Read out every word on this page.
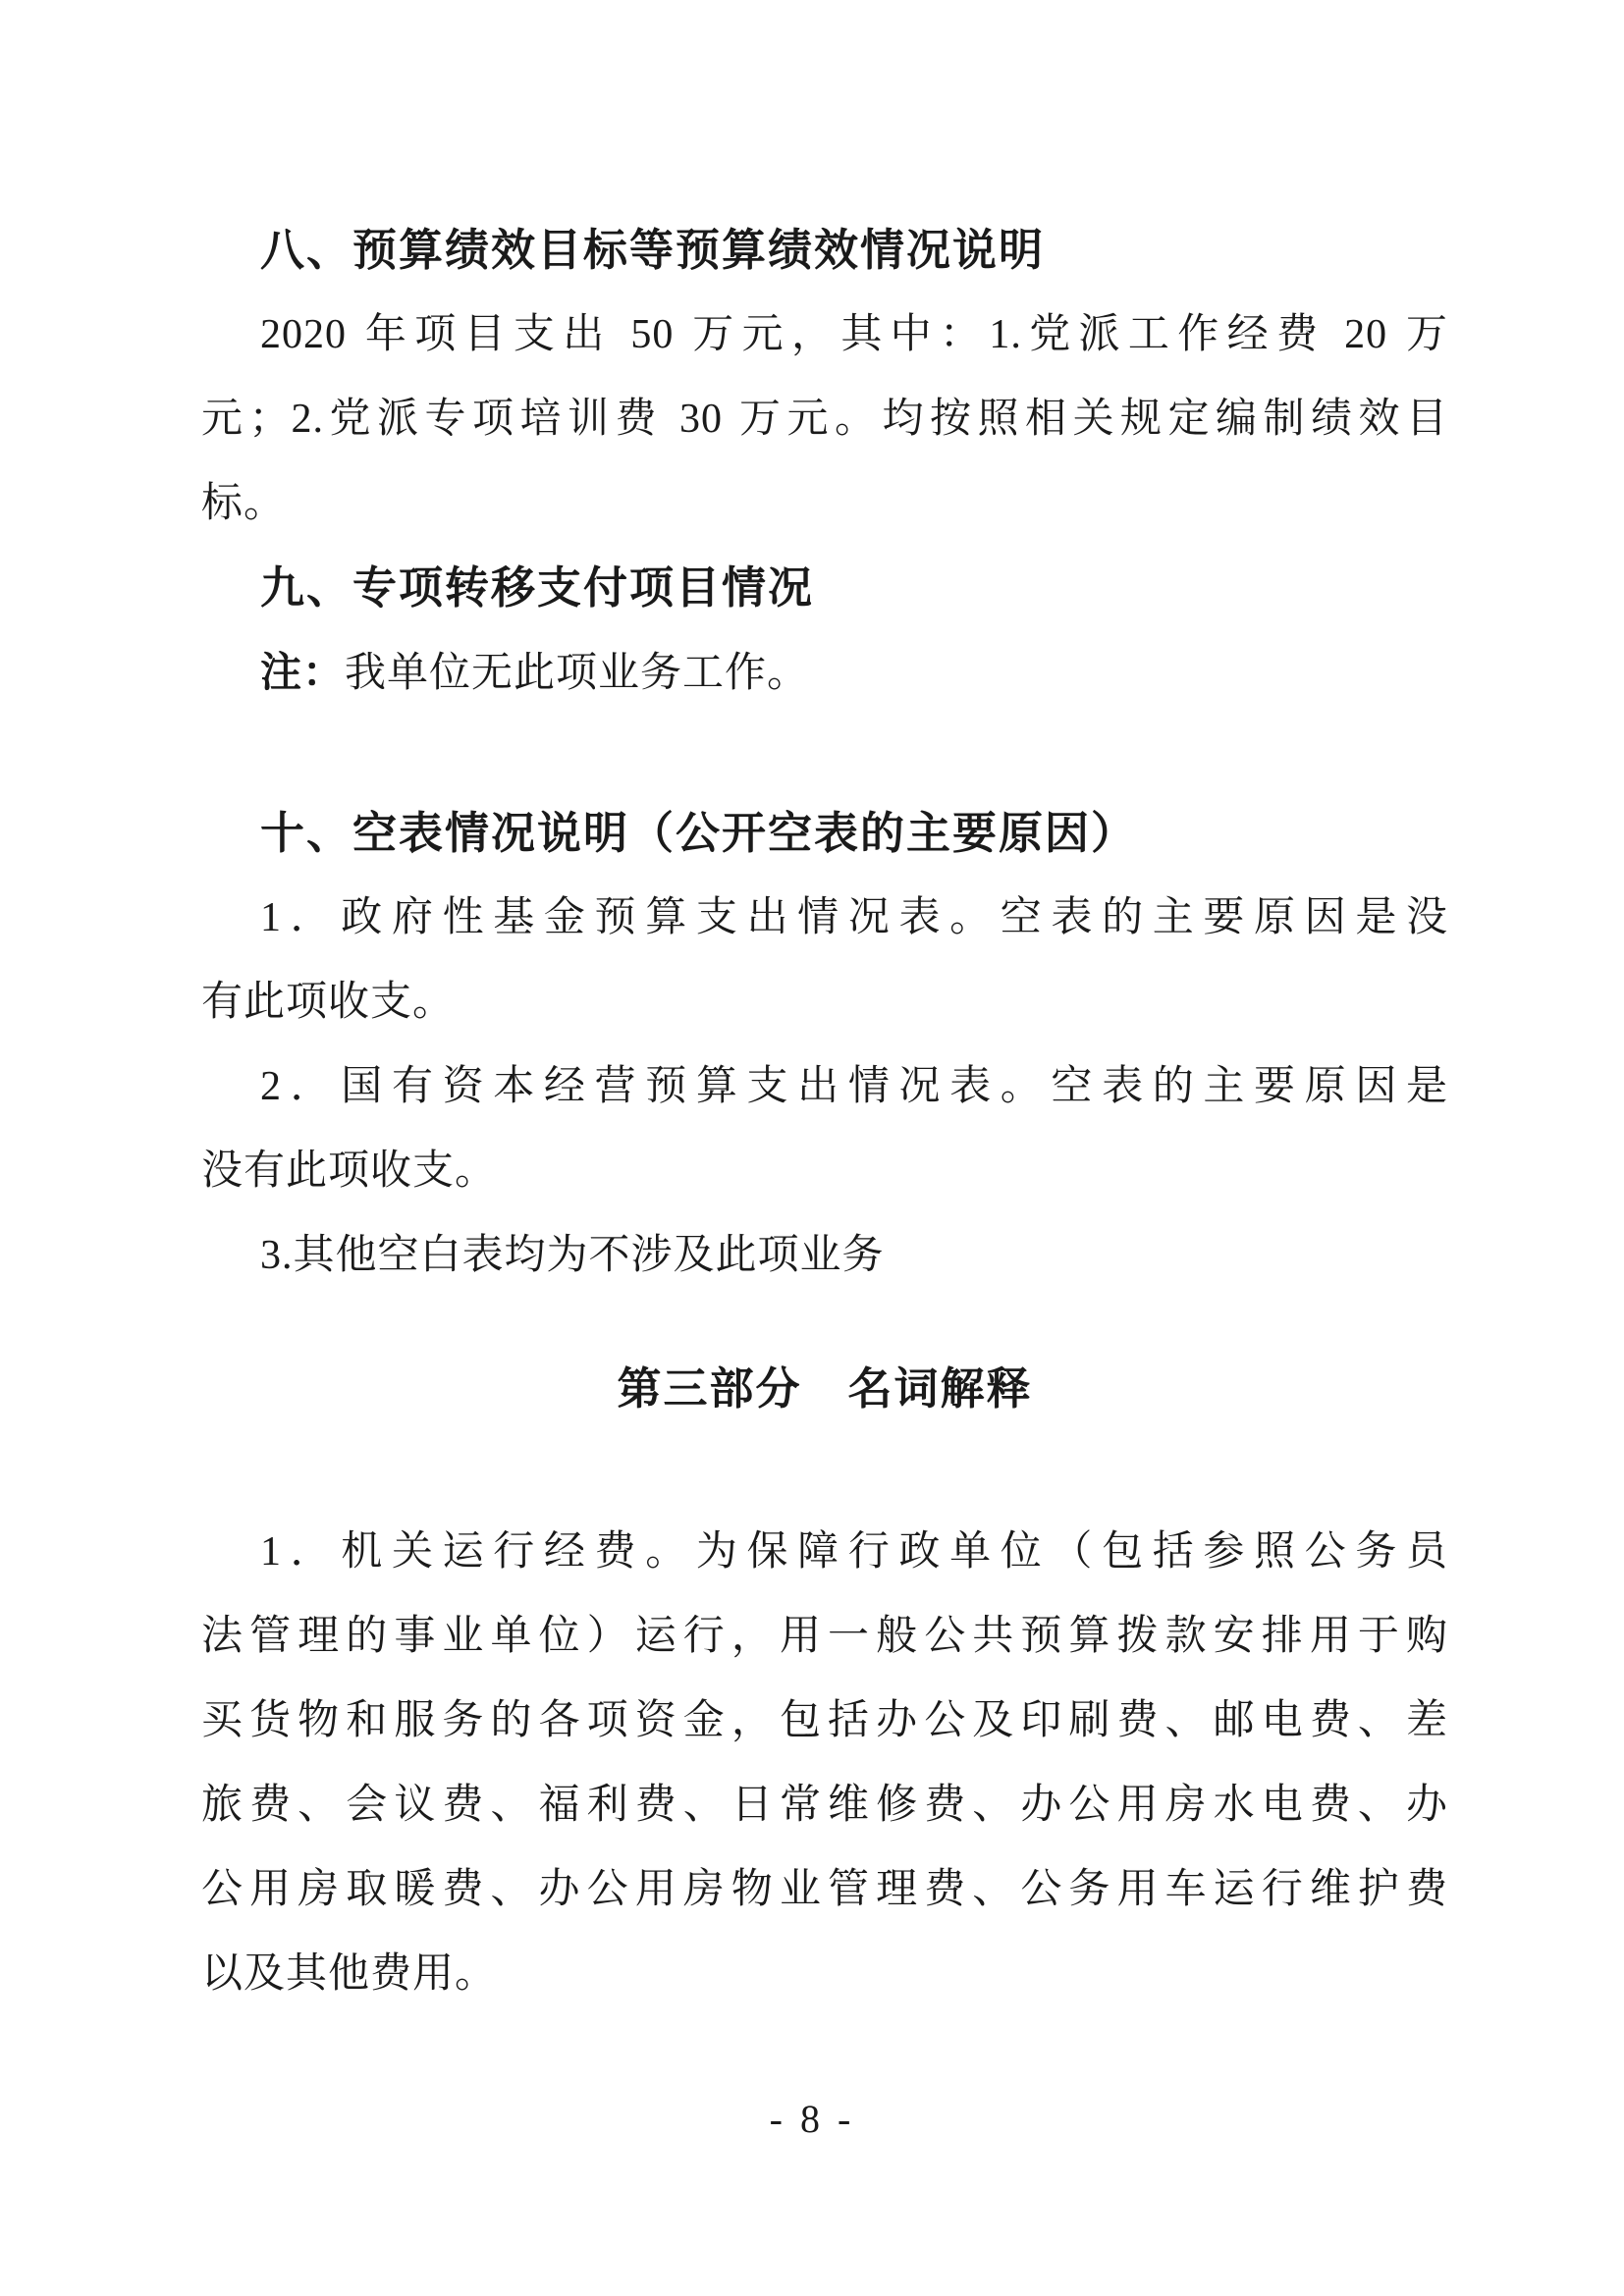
八、预算绩效目标等预算绩效情况说明
2020 年项目支出 50 万元，其中：1.党派工作经费 20 万
元；2.党派专项培训费 30 万元。均按照相关规定编制绩效目
标。
九、专项转移支付项目情况
注：我单位无此项业务工作。
十、空表情况说明（公开空表的主要原因）
1．政府性基金预算支出情况表。空表的主要原因是没
有此项收支。
2．国有资本经营预算支出情况表。空表的主要原因是
没有此项收支。
3.其他空白表均为不涉及此项业务
第三部分　名词解释
1．机关运行经费。为保障行政单位（包括参照公务员
法管理的事业单位）运行，用一般公共预算拨款安排用于购
买货物和服务的各项资金，包括办公及印刷费、邮电费、差
旅费、会议费、福利费、日常维修费、办公用房水电费、办
公用房取暖费、办公用房物业管理费、公务用车运行维护费
以及其他费用。
- 8 -
